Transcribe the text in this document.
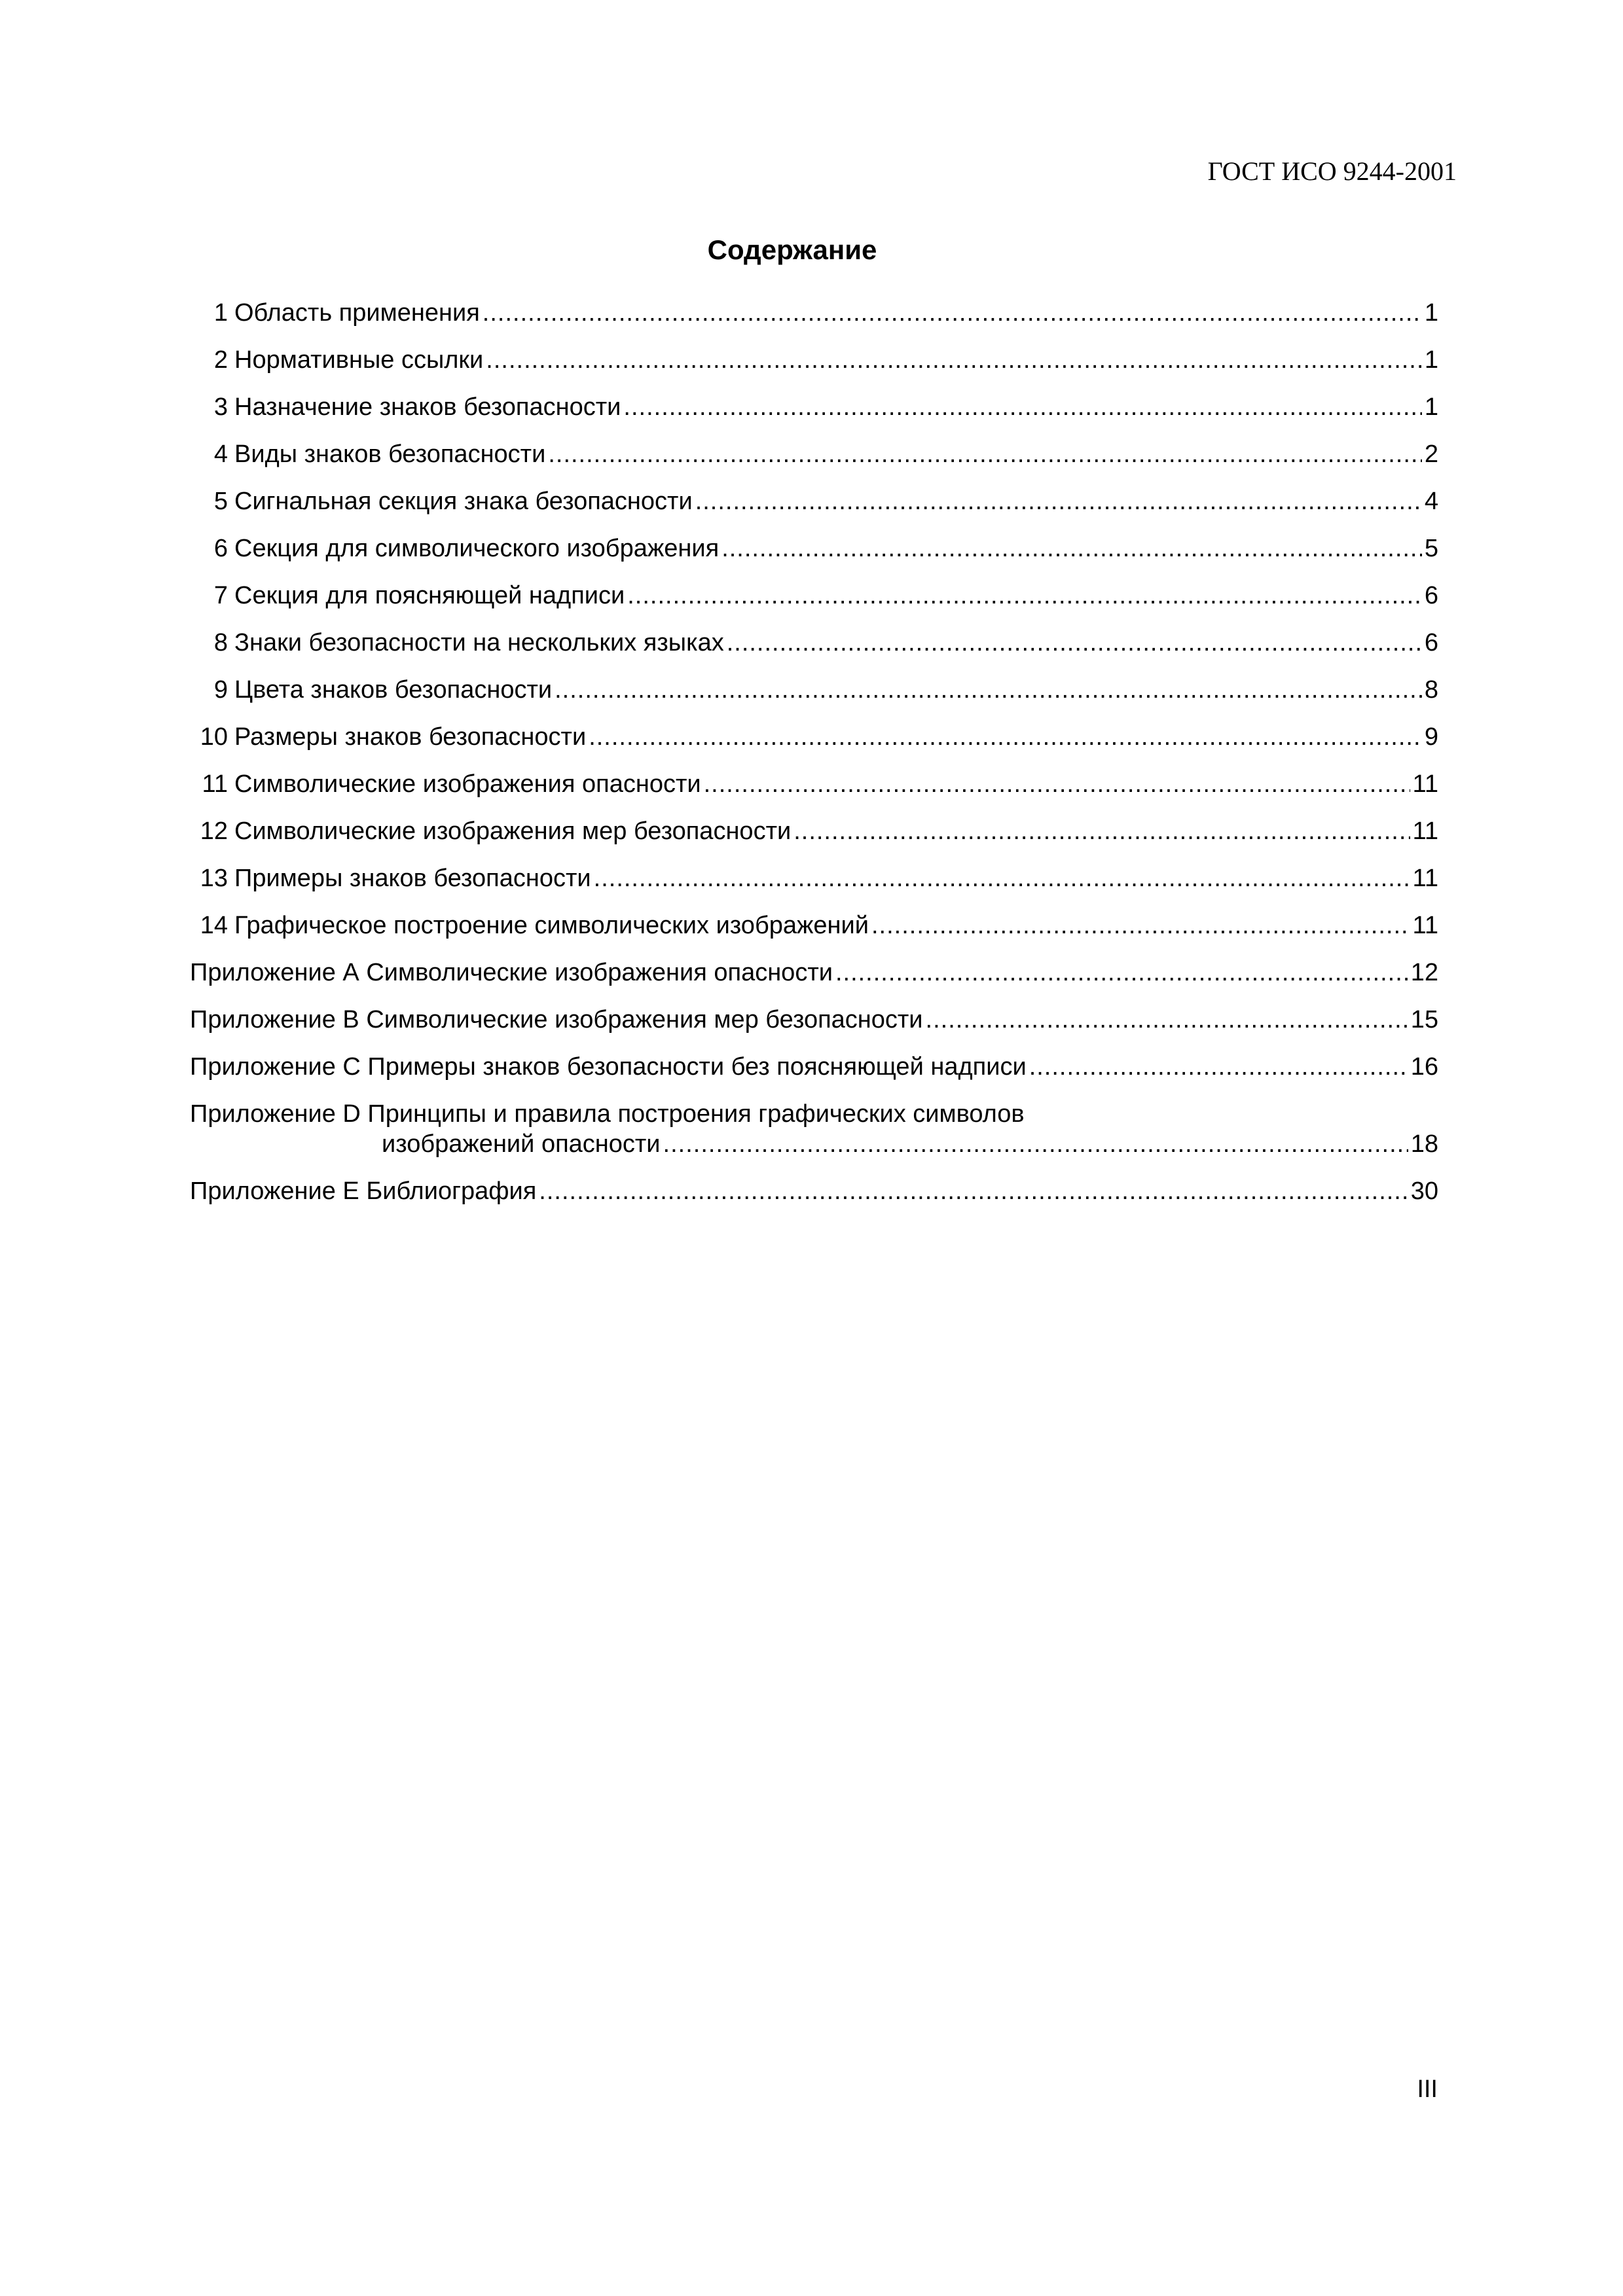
ГОСТ ИСО 9244-2001
Содержание
1 Область применения .....	1
2 Нормативные ссылки .....	1
3 Назначение знаков безопасности .....	1
4 Виды знаков безопасности .....	2
5 Сигнальная секция знака безопасности .....	4
6 Секция для символического изображения .....	5
7 Секция для поясняющей надписи .....	6
8 Знаки безопасности на нескольких языках .....	6
9 Цвета знаков безопасности .....	8
10 Размеры знаков безопасности .....	9
11 Символические изображения опасности .....	11
12 Символические изображения мер безопасности .....	11
13 Примеры знаков безопасности .....	11
14 Графическое построение символических изображений .....	11
Приложение А Символические изображения опасности .....	12
Приложение В Символические изображения мер безопасности .....	15
Приложение С Примеры знаков безопасности без поясняющей надписи .....	16
Приложение D Принципы и правила построения графических символов
изображений опасности .....	18
Приложение Е Библиография .....	30
III
